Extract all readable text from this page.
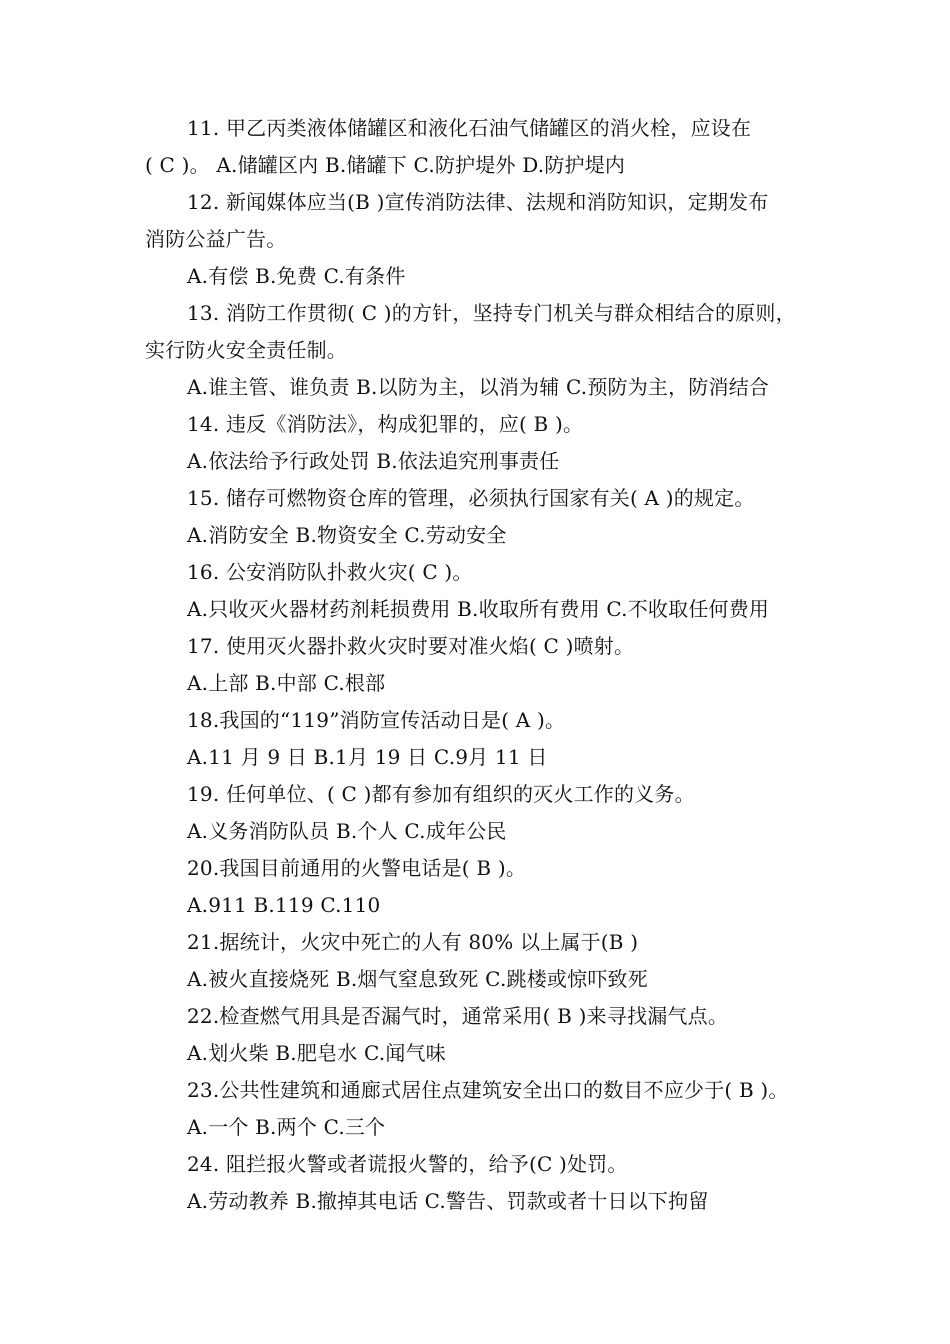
11. 甲乙丙类液体储罐区和液化石油气储罐区的消火栓，应设在
( C )。 A.储罐区内 B.储罐下 C.防护堤外 D.防护堤内
12. 新闻媒体应当(B )宣传消防法律、法规和消防知识，定期发布
消防公益广告。
A.有偿 B.免费 C.有条件
13. 消防工作贯彻( C )的方针，坚持专门机关与群众相结合的原则，
实行防火安全责任制。
A.谁主管、谁负责 B.以防为主，以消为辅 C.预防为主，防消结合
14. 违反《消防法》，构成犯罪的，应( B )。
A.依法给予行政处罚 B.依法追究刑事责任
15. 储存可燃物资仓库的管理，必须执行国家有关( A )的规定。
A.消防安全 B.物资安全 C.劳动安全
16. 公安消防队扑救火灾( C )。
A.只收灭火器材药剂耗损费用 B.收取所有费用 C.不收取任何费用
17. 使用灭火器扑救火灾时要对准火焰( C )喷射。
A.上部 B.中部 C.根部
18.我国的“119”消防宣传活动日是( A )。
A.11 月 9 日 B.1月 19 日 C.9月 11 日
19. 任何单位、( C )都有参加有组织的灭火工作的义务。
A.义务消防队员 B.个人 C.成年公民
20.我国目前通用的火警电话是( B )。
A.911 B.119 C.110
21.据统计，火灾中死亡的人有 80% 以上属于(B )
A.被火直接烧死 B.烟气窒息致死 C.跳楼或惊吓致死
22.检查燃气用具是否漏气时，通常采用( B )来寻找漏气点。
A.划火柴 B.肥皂水 C.闻气味
23.公共性建筑和通廊式居住点建筑安全出口的数目不应少于( B )。
A.一个 B.两个 C.三个
24. 阻拦报火警或者谎报火警的，给予(C )处罚。
A.劳动教养 B.撤掉其电话 C.警告、罚款或者十日以下拘留
